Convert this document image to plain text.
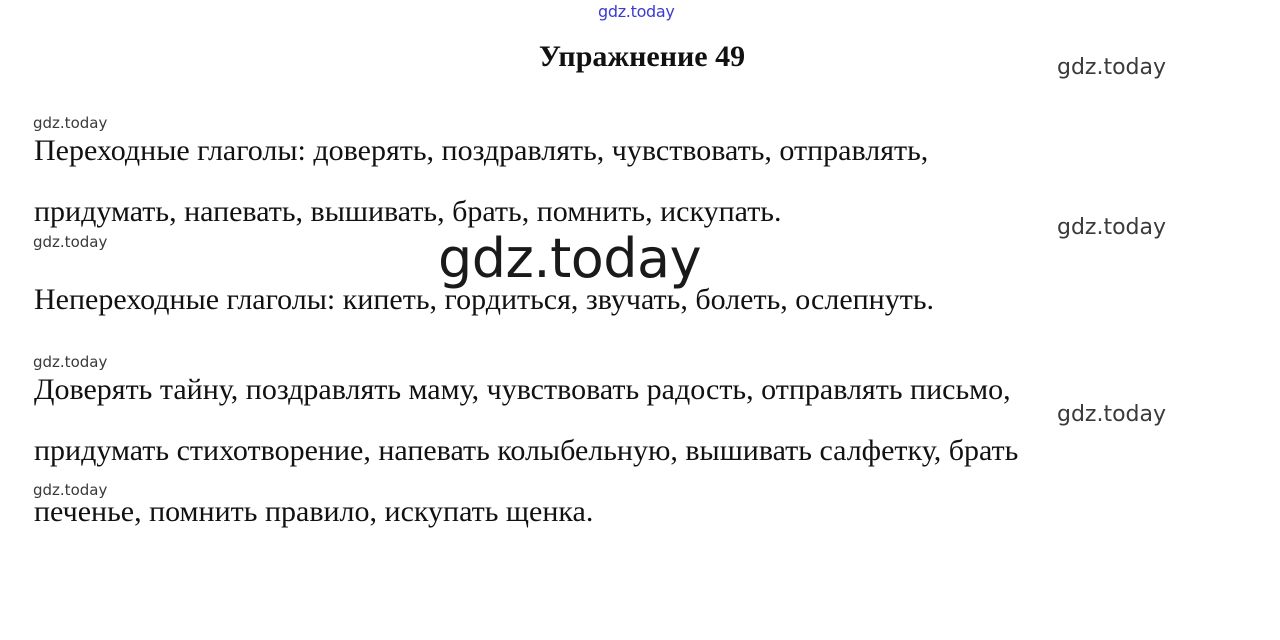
gdz.today
Упражнение 49	gdz.today
gdz.today

Переходные глаголы: доверять, поздравлять, чувствовать, отправлять,

придумать, напевать, вышивать, брать, помнить, искупать.	gdz.today
gdz.today	gdz.today

Непереходные глаголы: кипеть, гордиться, звучать, болеть, ослепнуть.

gdz.today

Доверять тайну, поздравлять маму, чувствовать радость, отправлять письмо,

gdz.today

придумать стихотворение, напевать колыбельную, вышивать салфетку, брать

gdz.today

печенье, помнить правило, искупать щенка.
